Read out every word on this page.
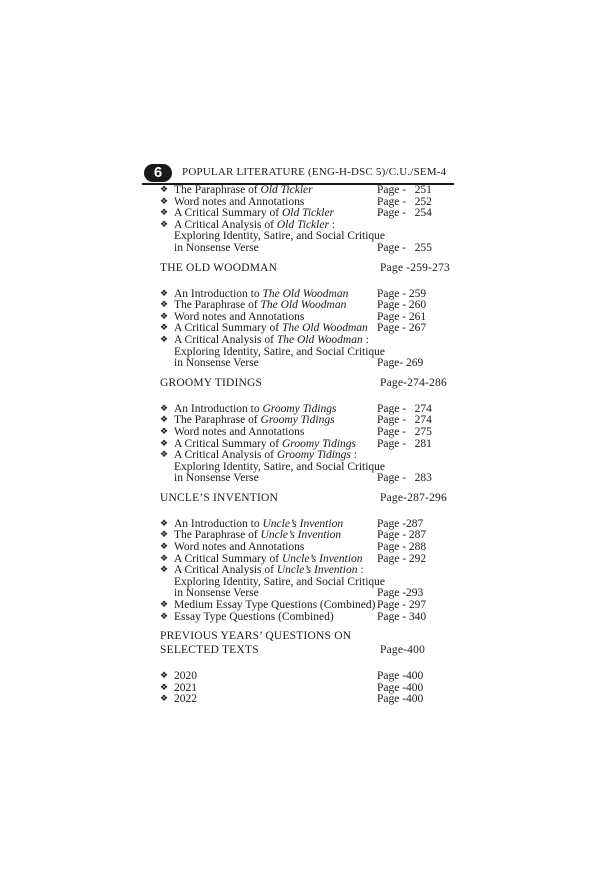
6	POPULAR LITERATURE (ENG-H-DSC 5)/C.U./SEM-4
❖ The Paraphrase of Old Tickler	Page -   251
❖ Word notes and Annotations	Page -   252
❖ A Critical Summary of Old Tickler	Page -   254
❖ A Critical Analysis of Old Tickler :
Exploring Identity, Satire, and Social Critique
in Nonsense Verse	Page -   255
THE OLD WOODMAN	Page -259-273
❖ An Introduction to The Old Woodman Page - 259
❖ The Paraphrase of The Old Woodman	Page - 260
❖ Word notes and Annotations	Page - 261
❖ A Critical Summary of The Old Woodman Page - 267
❖ A Critical Analysis of The Old Woodman :
Exploring Identity, Satire, and Social Critique
in Nonsense Verse	Page- 269
GROOMY TIDINGS	Page-274-286
❖ An Introduction to Groomy Tidings	Page -   274
❖ The Paraphrase of Groomy Tidings	Page -   274
❖ Word notes and Annotations	Page -   275
❖ A Critical Summary of Groomy Tidings Page -   281
❖ A Critical Analysis of Groomy Tidings :
Exploring Identity, Satire, and Social Critique
in Nonsense Verse	Page -   283
UNCLE’S INVENTION	Page-287-296
❖ An Introduction to Uncle’s Invention	Page -287
❖ The Paraphrase of Uncle’s Invention	Page - 287
❖ Word notes and Annotations	Page - 288
❖ A Critical Summary of Uncle’s Invention Page - 292
❖ A Critical Analysis of Uncle’s Invention :
Exploring Identity, Satire, and Social Critique
in Nonsense Verse	Page -293
❖ Medium Essay Type Questions (Combined) Page - 297
❖ Essay Type Questions (Combined)	Page - 340
PREVIOUS YEARS’ QUESTIONS ON
SELECTED TEXTS	Page-400
❖ 2020	Page -400
❖ 2021	Page -400
❖ 2022	Page -400
